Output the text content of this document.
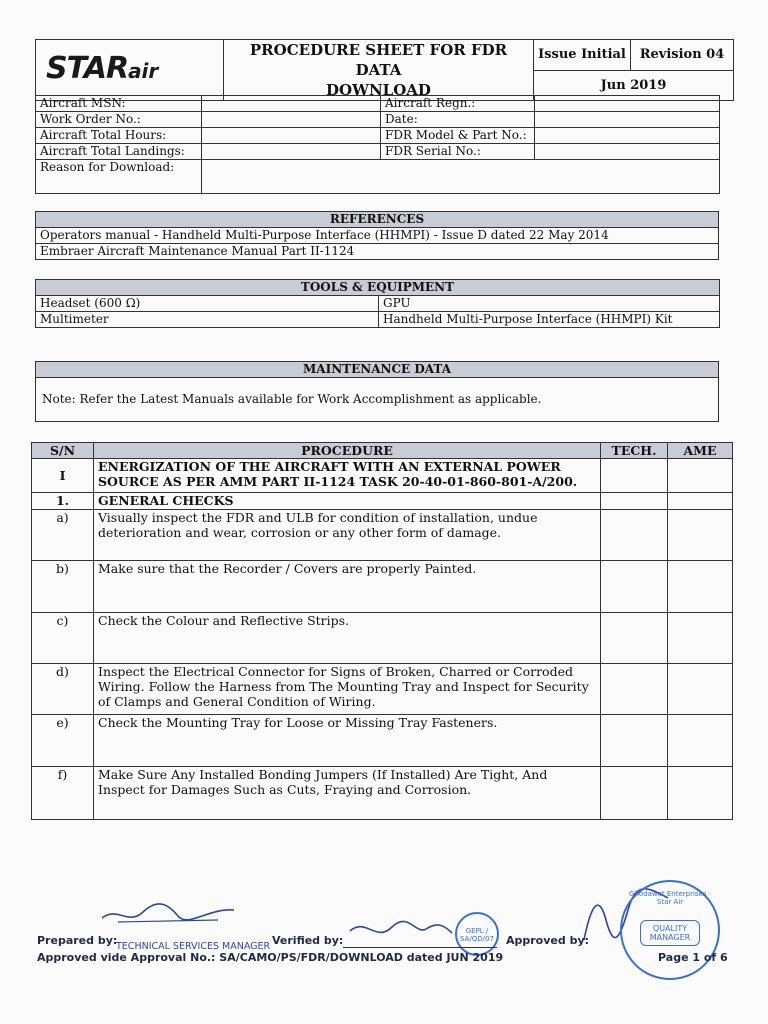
STARair

PROCEDURE SHEET FOR FDR DATA
DOWNLOAD
	Issue Initial	Revision 04
Jun 2019
Aircraft MSN:		Aircraft Regn.:	
Work Order No.:		Date:	
Aircraft Total Hours:		FDR Model & Part No.:	
Aircraft Total Landings:		FDR Serial No.:	
Reason for Download:			
REFERENCES
Operators manual - Handheld Multi-Purpose Interface (HHMPI) - Issue D dated 22 May 2014
Embraer Aircraft Maintenance Manual Part II-1124
TOOLS & EQUIPMENT	
Headset (600 Ω)	GPU
Multimeter	Handheld Multi-Purpose Interface (HHMPI) Kit
MAINTENANCE DATA
Note: Refer the Latest Manuals available for Work Accomplishment as applicable.
S/N	PROCEDURE	TECH.	AME
I	ENERGIZATION OF THE AIRCRAFT WITH AN EXTERNAL POWER SOURCE AS PER AMM PART II-1124 TASK 20-40-01-860-801-A/200.		
1.	GENERAL CHECKS		
a)	Visually inspect the FDR and ULB for condition of installation, undue deterioration and wear, corrosion or any other form of damage.		
b)	Make sure that the Recorder / Covers are properly Painted.		
c)	Check the Colour and Reflective Strips.		
d)	Inspect the Electrical Connector for Signs of Broken, Charred or Corroded Wiring. Follow the Harness from The Mounting Tray and Inspect for Security of Clamps and General Condition of Wiring.		
e)	Check the Mounting Tray for Loose or Missing Tray Fasteners.		
f)	Make Sure Any Installed Bonding Jumpers (If Installed) Are Tight, And Inspect for Damages Such as Cuts, Fraying and Corrosion.		
GEPL / SA/QD/07
Ghodawat Enterprises · Star Air
QUALITY MANAGER
Prepared by:
TECHNICAL SERVICES MANAGER Verified by:	Approved by:
Approved vide Approval No.: SA/CAMO/PS/FDR/DOWNLOAD dated JUN 2019	Page 1 of 6
